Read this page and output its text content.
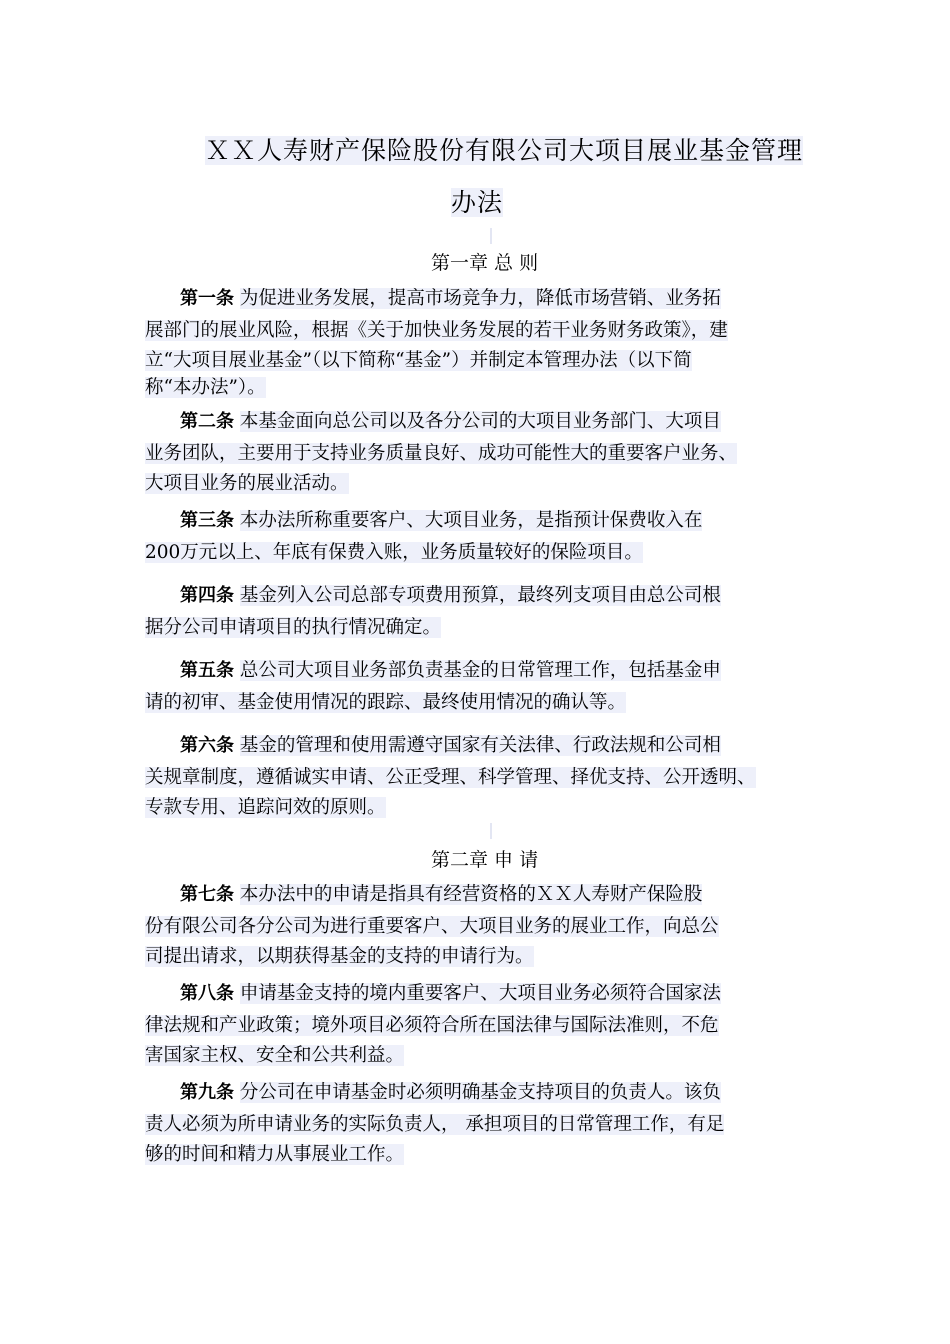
ＸＸ人寿财产保险股份有限公司大项目展业基金管理
办法
第一章 总 则
第一条 为促进业务发展，提高市场竞争力，降低市场营销、业务拓
展部门的展业风险，根据《关于加快业务发展的若干业务财务政策》，建
立“大项目展业基金”（以下简称“基金”）并制定本管理办法（以下简
称“本办法”）。
第二条 本基金面向总公司以及各分公司的大项目业务部门、大项目
业务团队，主要用于支持业务质量良好、成功可能性大的重要客户业务、
大项目业务的展业活动。
第三条 本办法所称重要客户、大项目业务，是指预计保费收入在
200万元以上、年底有保费入账，业务质量较好的保险项目。
第四条 基金列入公司总部专项费用预算，最终列支项目由总公司根
据分公司申请项目的执行情况确定。
第五条 总公司大项目业务部负责基金的日常管理工作，包括基金申
请的初审、基金使用情况的跟踪、最终使用情况的确认等。
第六条 基金的管理和使用需遵守国家有关法律、行政法规和公司相
关规章制度，遵循诚实申请、公正受理、科学管理、择优支持、公开透明、
专款专用、追踪问效的原则。
第二章 申 请
第七条 本办法中的申请是指具有经营资格的ＸＸ人寿财产保险股
份有限公司各分公司为进行重要客户、大项目业务的展业工作，向总公
司提出请求，以期获得基金的支持的申请行为。
第八条 申请基金支持的境内重要客户、大项目业务必须符合国家法
律法规和产业政策；境外项目必须符合所在国法律与国际法准则，不危
害国家主权、安全和公共利益。
第九条 分公司在申请基金时必须明确基金支持项目的负责人。该负
责人必须为所申请业务的实际负责人， 承担项目的日常管理工作，有足
够的时间和精力从事展业工作。
